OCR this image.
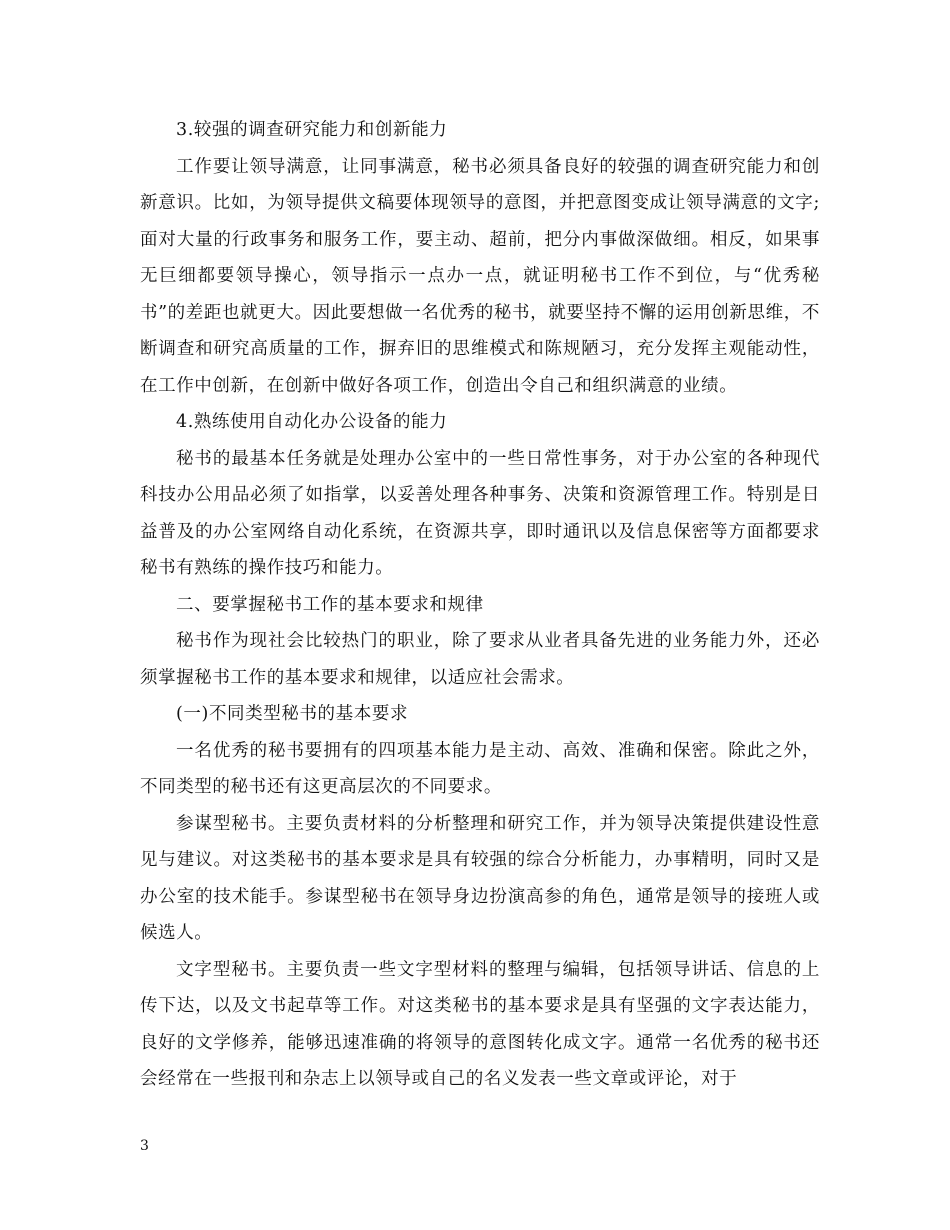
3.较强的调查研究能力和创新能力

工作要让领导满意，让同事满意，秘书必须具备良好的较强的调查研究能力和创新意识。比如，为领导提供文稿要体现领导的意图，并把意图变成让领导满意的文字;面对大量的行政事务和服务工作，要主动、超前，把分内事做深做细。相反，如果事无巨细都要领导操心，领导指示一点办一点，就证明秘书工作不到位，与“优秀秘书”的差距也就更大。因此要想做一名优秀的秘书，就要坚持不懈的运用创新思维，不断调查和研究高质量的工作，摒弃旧的思维模式和陈规陋习，充分发挥主观能动性，在工作中创新，在创新中做好各项工作，创造出令自己和组织满意的业绩。

4.熟练使用自动化办公设备的能力

秘书的最基本任务就是处理办公室中的一些日常性事务，对于办公室的各种现代科技办公用品必须了如指掌，以妥善处理各种事务、决策和资源管理工作。特别是日益普及的办公室网络自动化系统，在资源共享，即时通讯以及信息保密等方面都要求秘书有熟练的操作技巧和能力。

二、要掌握秘书工作的基本要求和规律

秘书作为现社会比较热门的职业，除了要求从业者具备先进的业务能力外，还必须掌握秘书工作的基本要求和规律，以适应社会需求。

(一)不同类型秘书的基本要求

一名优秀的秘书要拥有的四项基本能力是主动、高效、准确和保密。除此之外，不同类型的秘书还有这更高层次的不同要求。

参谋型秘书。主要负责材料的分析整理和研究工作，并为领导决策提供建设性意见与建议。对这类秘书的基本要求是具有较强的综合分析能力，办事精明，同时又是办公室的技术能手。参谋型秘书在领导身边扮演高参的角色，通常是领导的接班人或候选人。

文字型秘书。主要负责一些文字型材料的整理与编辑，包括领导讲话、信息的上传下达，以及文书起草等工作。对这类秘书的基本要求是具有坚强的文字表达能力，良好的文学修养，能够迅速准确的将领导的意图转化成文字。通常一名优秀的秘书还会经常在一些报刊和杂志上以领导或自己的名义发表一些文章或评论，对于

3
